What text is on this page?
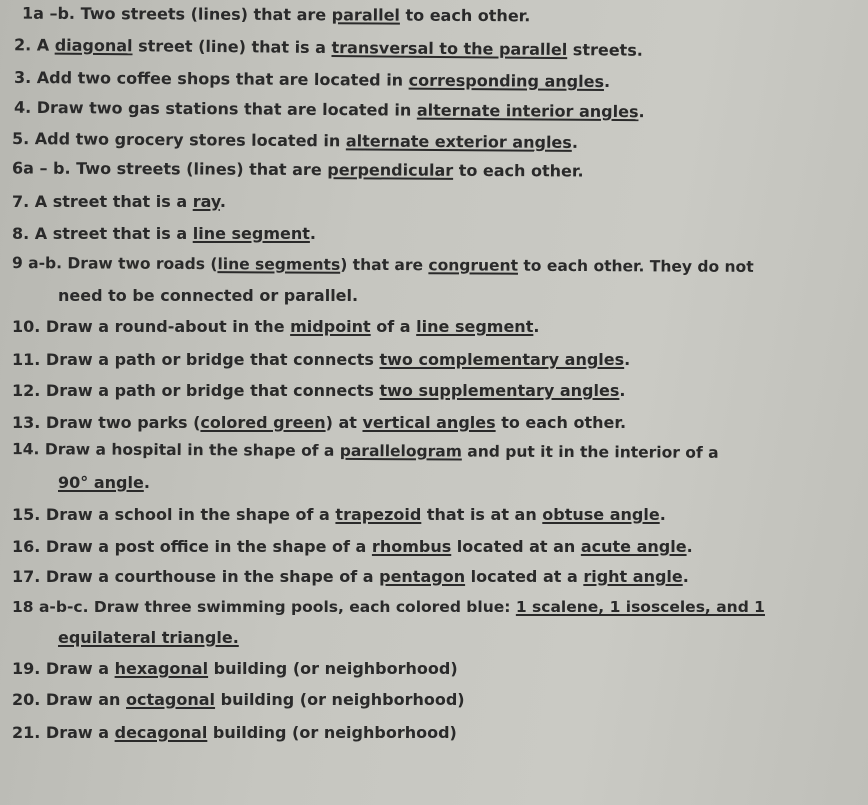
1a –b. Two streets (lines) that are parallel to each other.
2. A diagonal street (line) that is a transversal to the parallel streets.
3. Add two coffee shops that are located in corresponding angles.
4. Draw two gas stations that are located in alternate interior angles.
5. Add two grocery stores located in alternate exterior angles.
6a – b. Two streets (lines) that are perpendicular to each other.
7. A street that is a ray.
8. A street that is a line segment.
9 a-b. Draw two roads (line segments) that are congruent to each other. They do not
need to be connected or parallel.
10. Draw a round-about in the midpoint of a line segment.
11. Draw a path or bridge that connects two complementary angles.
12. Draw a path or bridge that connects two supplementary angles.
13. Draw two parks (colored green) at vertical angles to each other.
14. Draw a hospital in the shape of a parallelogram and put it in the interior of a
90° angle.
15. Draw a school in the shape of a trapezoid that is at an obtuse angle.
16. Draw a post office in the shape of a rhombus located at an acute angle.
17. Draw a courthouse in the shape of a pentagon located at a right angle.
18 a-b-c. Draw three swimming pools, each colored blue: 1 scalene, 1 isosceles, and 1
equilateral triangle.
19. Draw a hexagonal building (or neighborhood)
20. Draw an octagonal building (or neighborhood)
21. Draw a decagonal building (or neighborhood)
